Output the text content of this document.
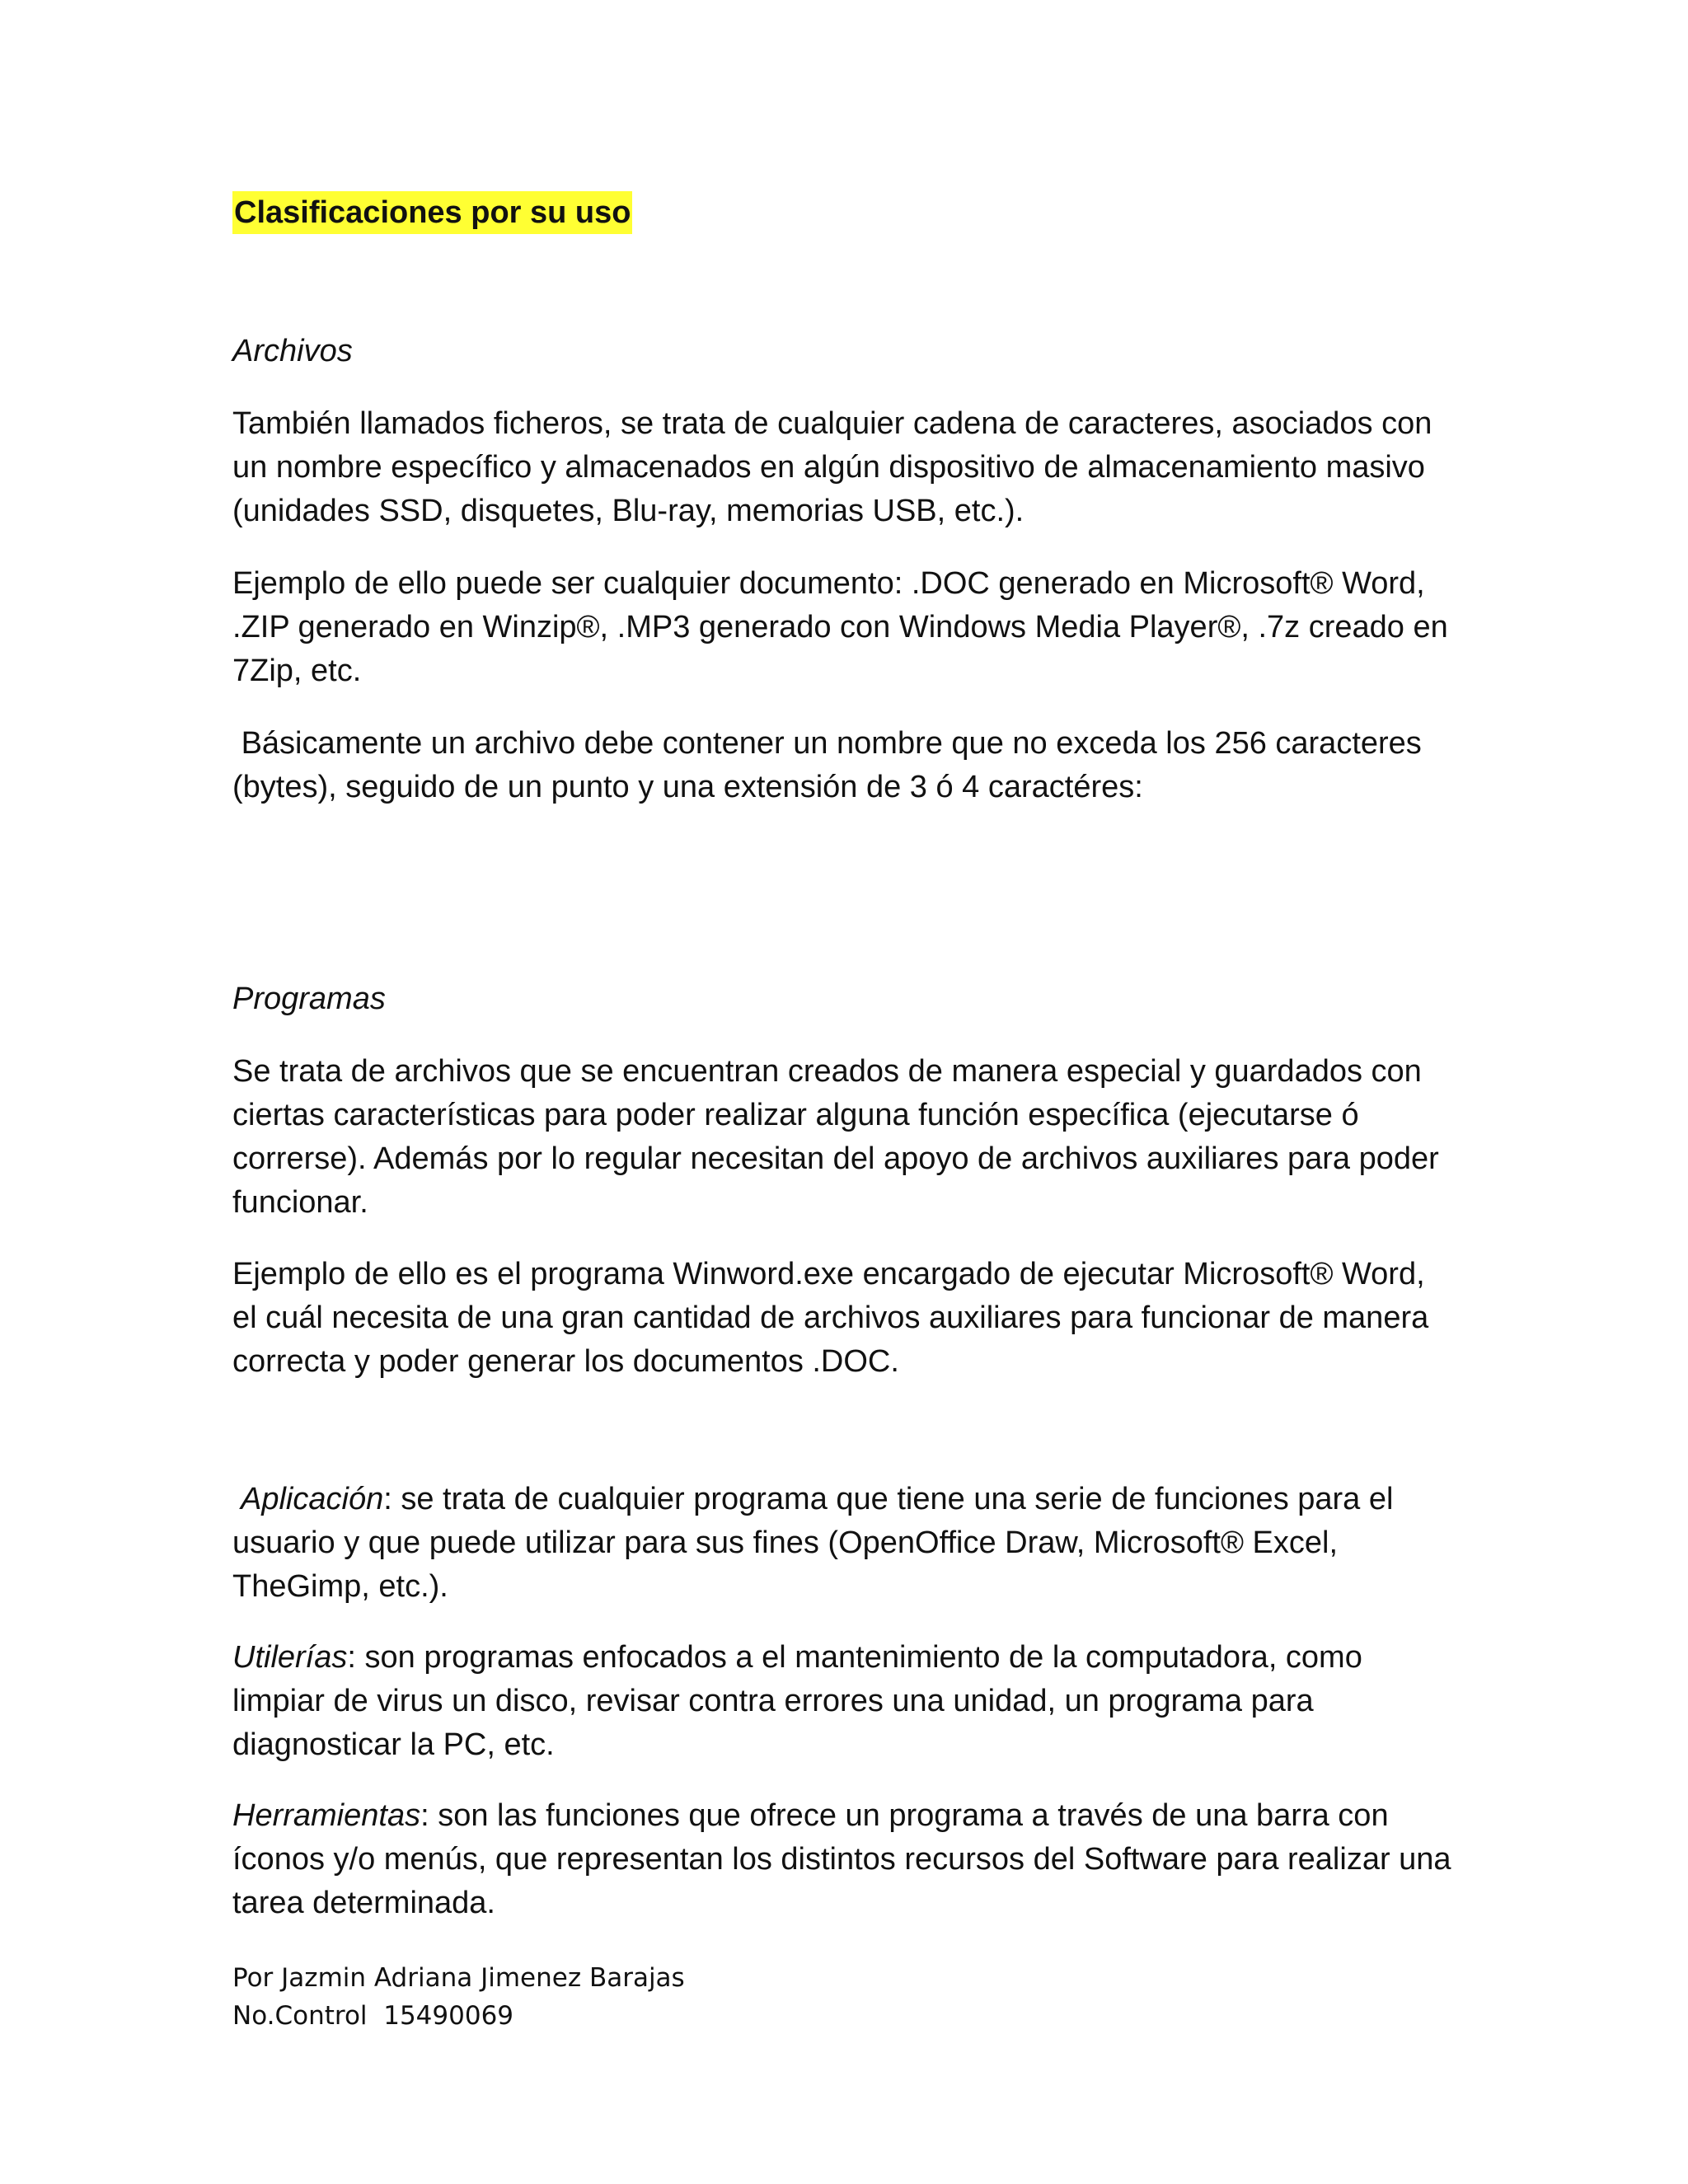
Clasificaciones por su uso

Archivos

También llamados ficheros, se trata de cualquier cadena de caracteres, asociados con un nombre específico y almacenados en algún dispositivo de almacenamiento masivo (unidades SSD, disquetes, Blu-ray, memorias USB, etc.).

Ejemplo de ello puede ser cualquier documento: .DOC generado en Microsoft® Word, .ZIP generado en Winzip®, .MP3 generado con Windows Media Player®, .7z creado en 7Zip, etc.

Básicamente un archivo debe contener un nombre que no exceda los 256 caracteres (bytes), seguido de un punto y una extensión de 3 ó 4 caractéres:

Programas

Se trata de archivos que se encuentran creados de manera especial y guardados con ciertas características para poder realizar alguna función específica (ejecutarse ó correrse). Además por lo regular necesitan del apoyo de archivos auxiliares para poder funcionar.

Ejemplo de ello es el programa Winword.exe encargado de ejecutar Microsoft® Word, el cuál necesita de una gran cantidad de archivos auxiliares para funcionar de manera correcta y poder generar los documentos .DOC.

Aplicación: se trata de cualquier programa que tiene una serie de funciones para el usuario y que puede utilizar para sus fines (OpenOffice Draw, Microsoft® Excel, TheGimp, etc.).

Utilerías: son programas enfocados a el mantenimiento de la computadora, como limpiar de virus un disco, revisar contra errores una unidad, un programa para diagnosticar la PC, etc.

Herramientas: son las funciones que ofrece un programa a través de una barra con íconos y/o menús, que representan los distintos recursos del Software para realizar una tarea determinada.

Por Jazmin Adriana Jimenez Barajas
No.Control  15490069
